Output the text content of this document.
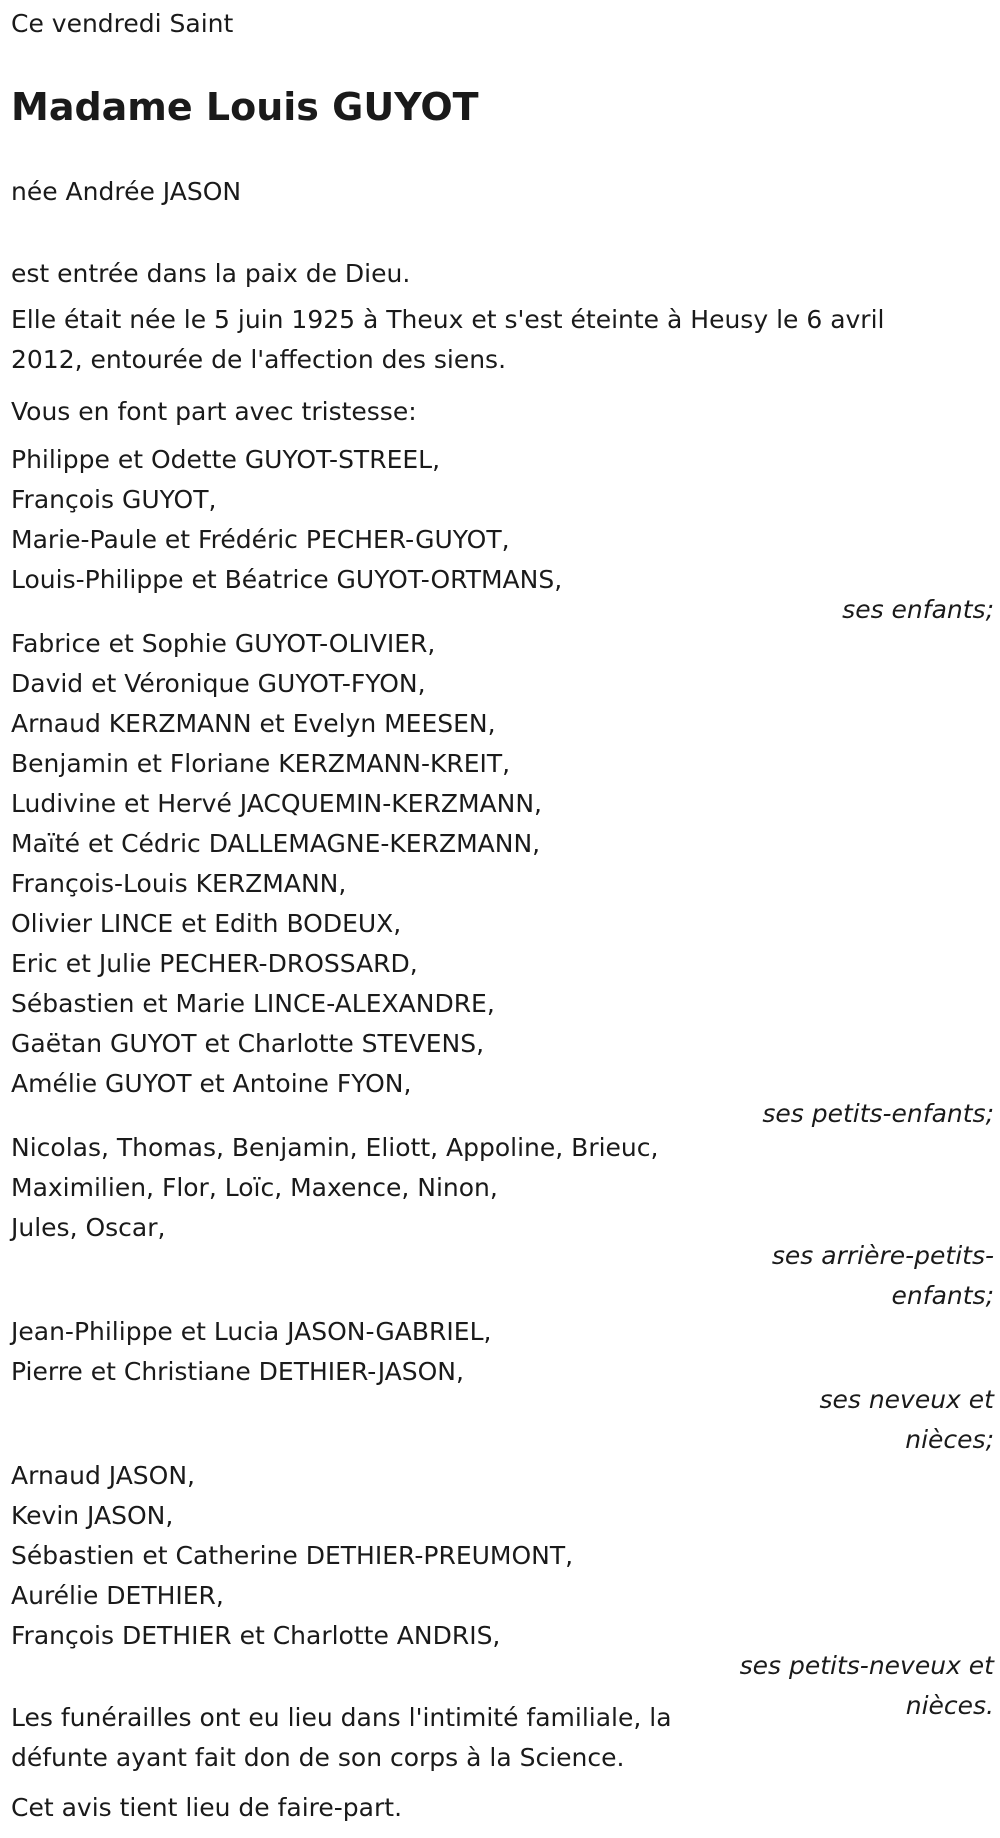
Ce vendredi Saint
Madame Louis GUYOT
née Andrée JASON
est entrée dans la paix de Dieu.
Elle était née le 5 juin 1925 à Theux et s'est éteinte à Heusy le 6 avril
2012, entourée de l'affection des siens.
Vous en font part avec tristesse:
Philippe et Odette GUYOT-STREEL,
François GUYOT,
Marie-Paule et Frédéric PECHER-GUYOT,
Louis-Philippe et Béatrice GUYOT-ORTMANS,
ses enfants;
Fabrice et Sophie GUYOT-OLIVIER,
David et Véronique GUYOT-FYON,
Arnaud KERZMANN et Evelyn MEESEN,
Benjamin et Floriane KERZMANN-KREIT,
Ludivine et Hervé JACQUEMIN-KERZMANN,
Maïté et Cédric DALLEMAGNE-KERZMANN,
François-Louis KERZMANN,
Olivier LINCE et Edith BODEUX,
Eric et Julie PECHER-DROSSARD,
Sébastien et Marie LINCE-ALEXANDRE,
Gaëtan GUYOT et Charlotte STEVENS,
Amélie GUYOT et Antoine FYON,
ses petits-enfants;
Nicolas, Thomas, Benjamin, Eliott, Appoline, Brieuc,
Maximilien, Flor, Loïc, Maxence, Ninon,
Jules, Oscar,
ses arrière-petits-
enfants;
Jean-Philippe et Lucia JASON-GABRIEL,
Pierre et Christiane DETHIER-JASON,
ses neveux et
nièces;
Arnaud JASON,
Kevin JASON,
Sébastien et Catherine DETHIER-PREUMONT,
Aurélie DETHIER,
François DETHIER et Charlotte ANDRIS,
ses petits-neveux et
nièces.
Les funérailles ont eu lieu dans l'intimité familiale, la
défunte ayant fait don de son corps à la Science.
Cet avis tient lieu de faire-part.
